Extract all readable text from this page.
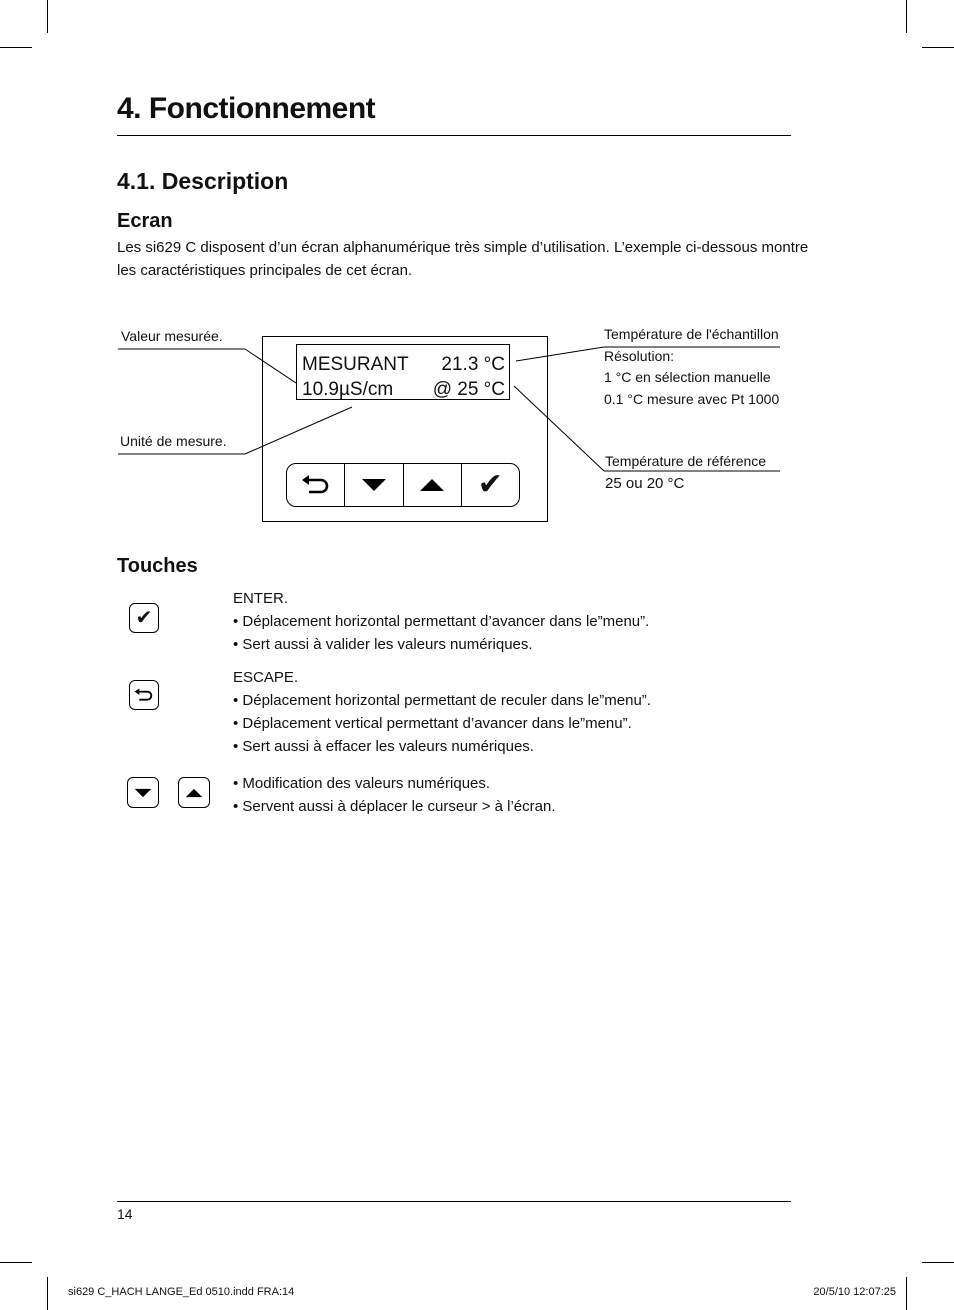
4. Fonctionnement
4.1. Description
Ecran

Les si629 C disposent d’un écran alphanumérique très simple d’utilisation. L’exemple ci-dessous montre
les caractéristiques principales de cet écran.

Valeur mesurée.
Unité de mesure.
Température de l'échantillon
Résolution:
1 °C en sélection manuelle
0.1 °C mesure avec Pt 1000
Température de référence
25 ou 20 °C
MESURANT 21.3 °C
10.9µS/cm @ 25 °C
✔
Touches
✔

ENTER.
• Déplacement horizontal permettant d’avancer dans le”menu”.
• Sert aussi à valider les valeurs numériques.

ESCAPE.
• Déplacement horizontal permettant de reculer dans le”menu”.
• Déplacement vertical permettant d’avancer dans le”menu”.
• Sert aussi à effacer les valeurs numériques.

• Modification des valeurs numériques.
• Servent aussi à déplacer le curseur > à l’écran.

14
si629 C_HACH LANGE_Ed 0510.indd FRA:14	20/5/10 12:07:25
